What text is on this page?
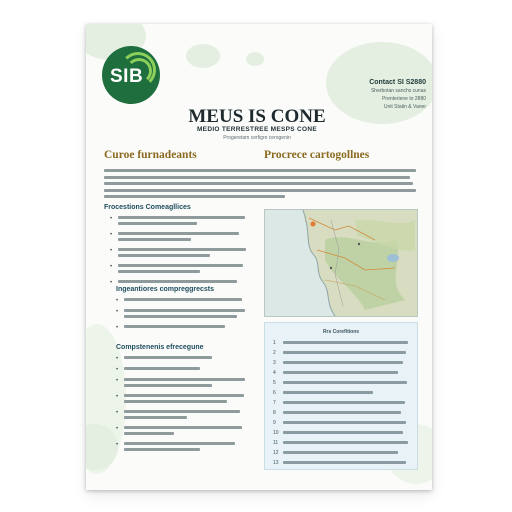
SIB
MEUS IS CONE
MEDIO TERRESTREE MESPS CONE
Progeretam cerfigre cerogenin
Contact SI S2880
Sherbotan sanchs cunas
Prenteriene to 2880
Unit Statin & Vaner
Curoe furnadeants	Procrece cartogollnes
Frocestions Comeagllices
Ingeantiores compreggrecsts
Compstenenis efrecegune
•
•
•
•
•
•
•
•
•
•
•
•
•
•
•
Rrs Corefitions
1
2
3
4
5
6
7
8
9
10
11
12
13
